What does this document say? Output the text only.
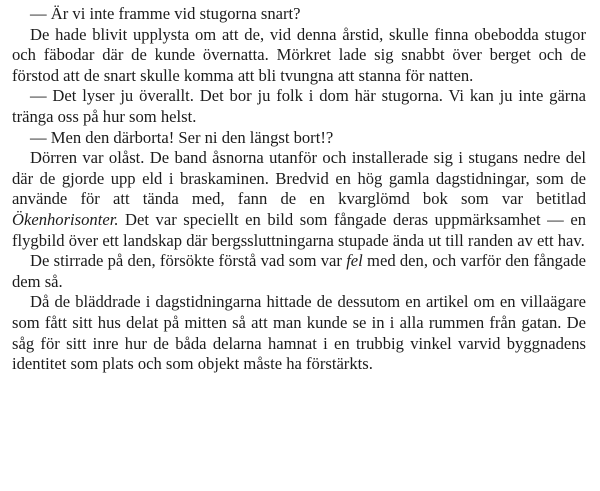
— Är vi inte framme vid stugorna snart?

De hade blivit upplysta om att de, vid denna årstid, skulle finna obebodda stugor och fäbodar där de kunde övernatta. Mörkret lade sig snabbt över berget och de förstod att de snart skulle komma att bli tvungna att stanna för natten.

— Det lyser ju överallt. Det bor ju folk i dom här stugorna. Vi kan ju inte gärna tränga oss på hur som helst.

— Men den därborta! Ser ni den längst bort!?

Dörren var olåst. De band åsnorna utanför och installerade sig i stugans nedre del där de gjorde upp eld i braskaminen. Bredvid en hög gamla dagstidningar, som de använde för att tända med, fann de en kvarglömd bok som var betitlad Ökenhorisonter. Det var speciellt en bild som fångade deras uppmärksamhet — en flygbild över ett landskap där bergssluttningarna stupade ända ut till randen av ett hav.

De stirrade på den, försökte förstå vad som var fel med den, och varför den fångade dem så.

Då de bläddrade i dagstidningarna hittade de dessutom en artikel om en villaägare som fått sitt hus delat på mitten så att man kunde se in i alla rummen från gatan. De såg för sitt inre hur de båda delarna hamnat i en trubbig vinkel varvid byggnadens identitet som plats och som objekt måste ha förstärkts.
